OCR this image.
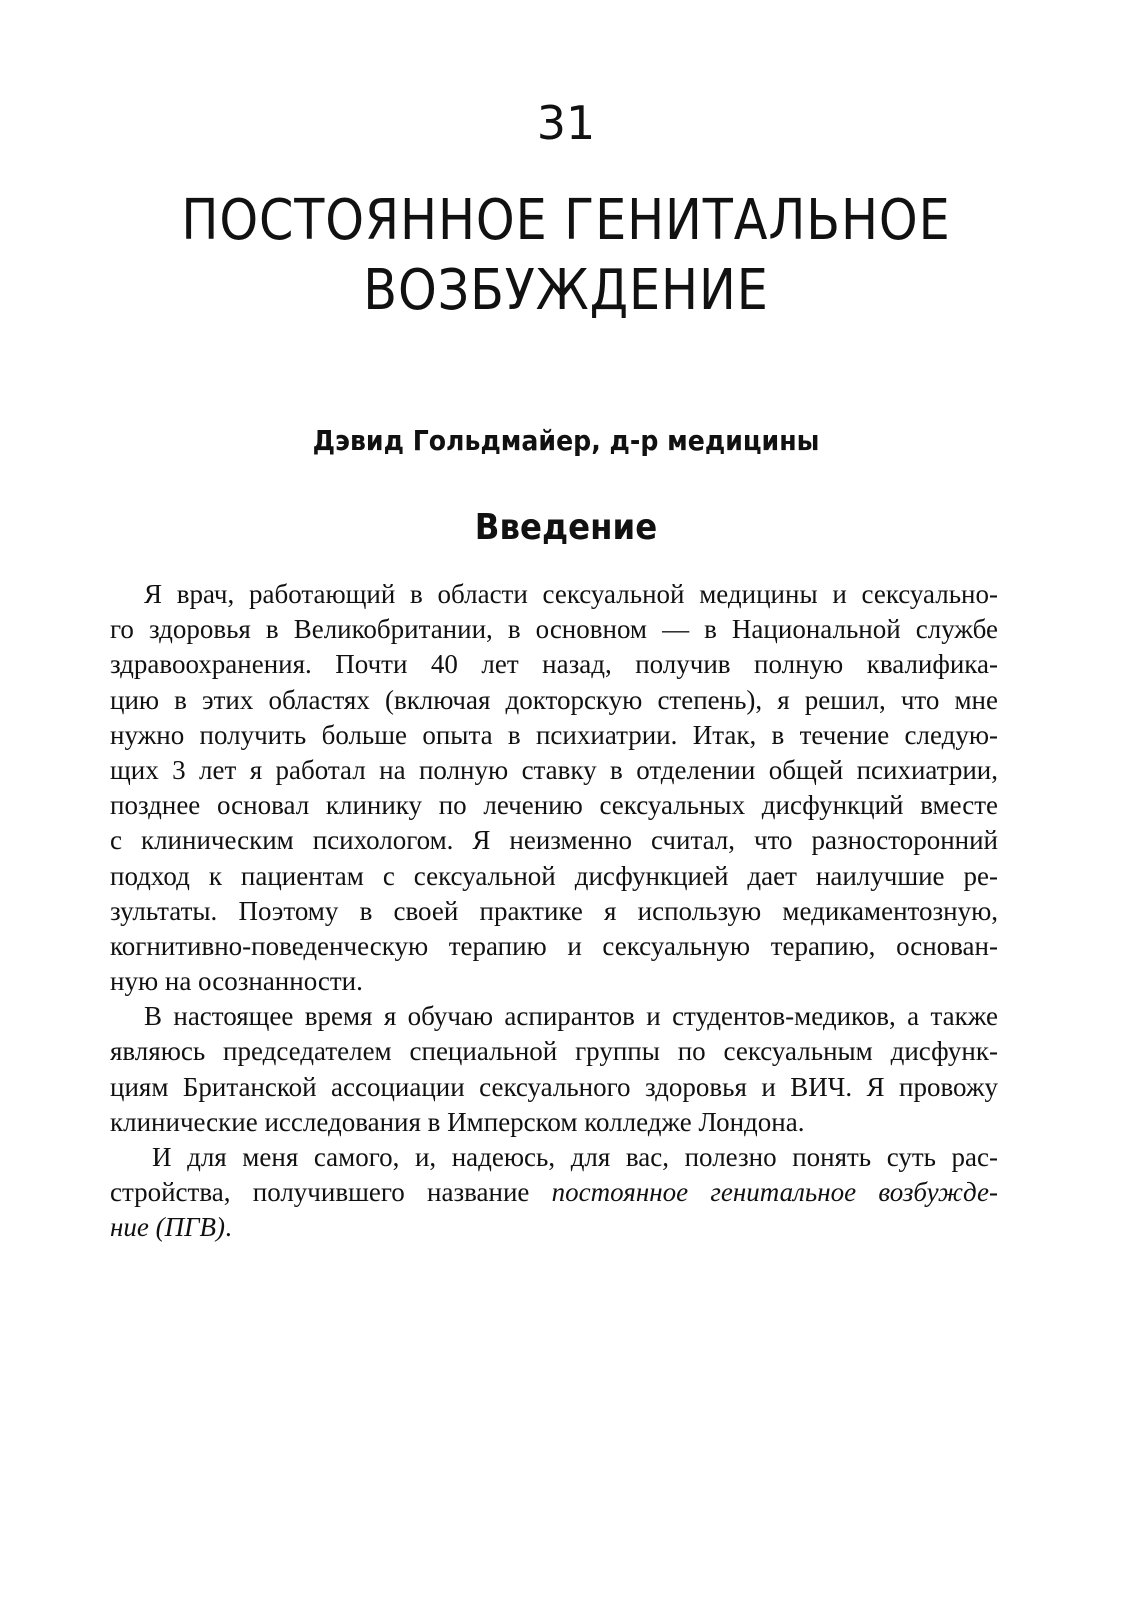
31
ПОСТОЯННОЕ ГЕНИТАЛЬНОЕ
ВОЗБУЖДЕНИЕ
Дэвид Гольдмайер, д-р медицины
Введение
Я врач, работающий в области сексуальной медицины и сексуально-
го здоровья в Великобритании, в основном — в Национальной службе
здравоохранения. Почти 40 лет назад, получив полную квалифика-
цию в этих областях (включая докторскую степень), я решил, что мне
нужно получить больше опыта в психиатрии. Итак, в течение следую-
щих 3 лет я работал на полную ставку в отделении общей психиатрии,
позднее основал клинику по лечению сексуальных дисфункций вместе
с клиническим психологом. Я неизменно считал, что разносторонний
подход к пациентам с сексуальной дисфункцией дает наилучшие ре-
зультаты. Поэтому в своей практике я использую медикаментозную,
когнитивно-поведенческую терапию и сексуальную терапию, основан-
ную на осознанности.
В настоящее время я обучаю аспирантов и студентов-медиков, а также
являюсь председателем специальной группы по сексуальным дисфунк-
циям Британской ассоциации сексуального здоровья и ВИЧ. Я провожу
клинические исследования в Имперском колледже Лондона.
И для меня самого, и, надеюсь, для вас, полезно понять суть рас-
стройства, получившего название постоянное генитальное возбужде-
ние (ПГВ).
